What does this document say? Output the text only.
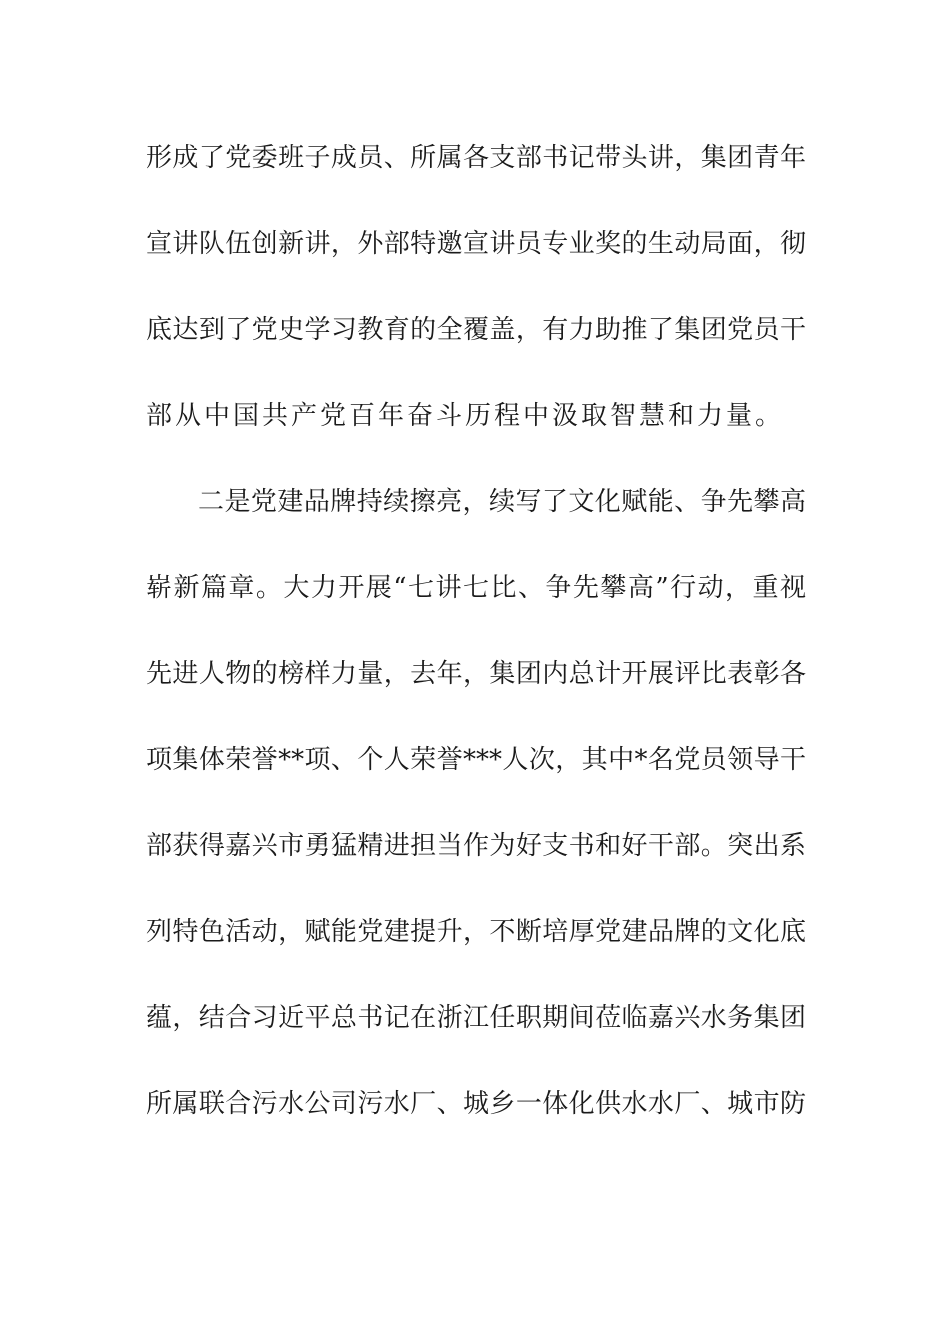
形成了党委班子成员、所属各支部书记带头讲，集团青年
宣讲队伍创新讲，外部特邀宣讲员专业奖的生动局面，彻
底达到了党史学习教育的全覆盖，有力助推了集团党员干
部从中国共产党百年奋斗历程中汲取智慧和力量。
二是党建品牌持续擦亮，续写了文化赋能、争先攀高
崭新篇章。大力开展“七讲七比、争先攀高”行动，重视
先进人物的榜样力量，去年，集团内总计开展评比表彰各
项集体荣誉**项、个人荣誉***人次，其中*名党员领导干
部获得嘉兴市勇猛精进担当作为好支书和好干部。突出系
列特色活动，赋能党建提升，不断培厚党建品牌的文化底
蕴，结合习近平总书记在浙江任职期间莅临嘉兴水务集团
所属联合污水公司污水厂、城乡一体化供水水厂、城市防
